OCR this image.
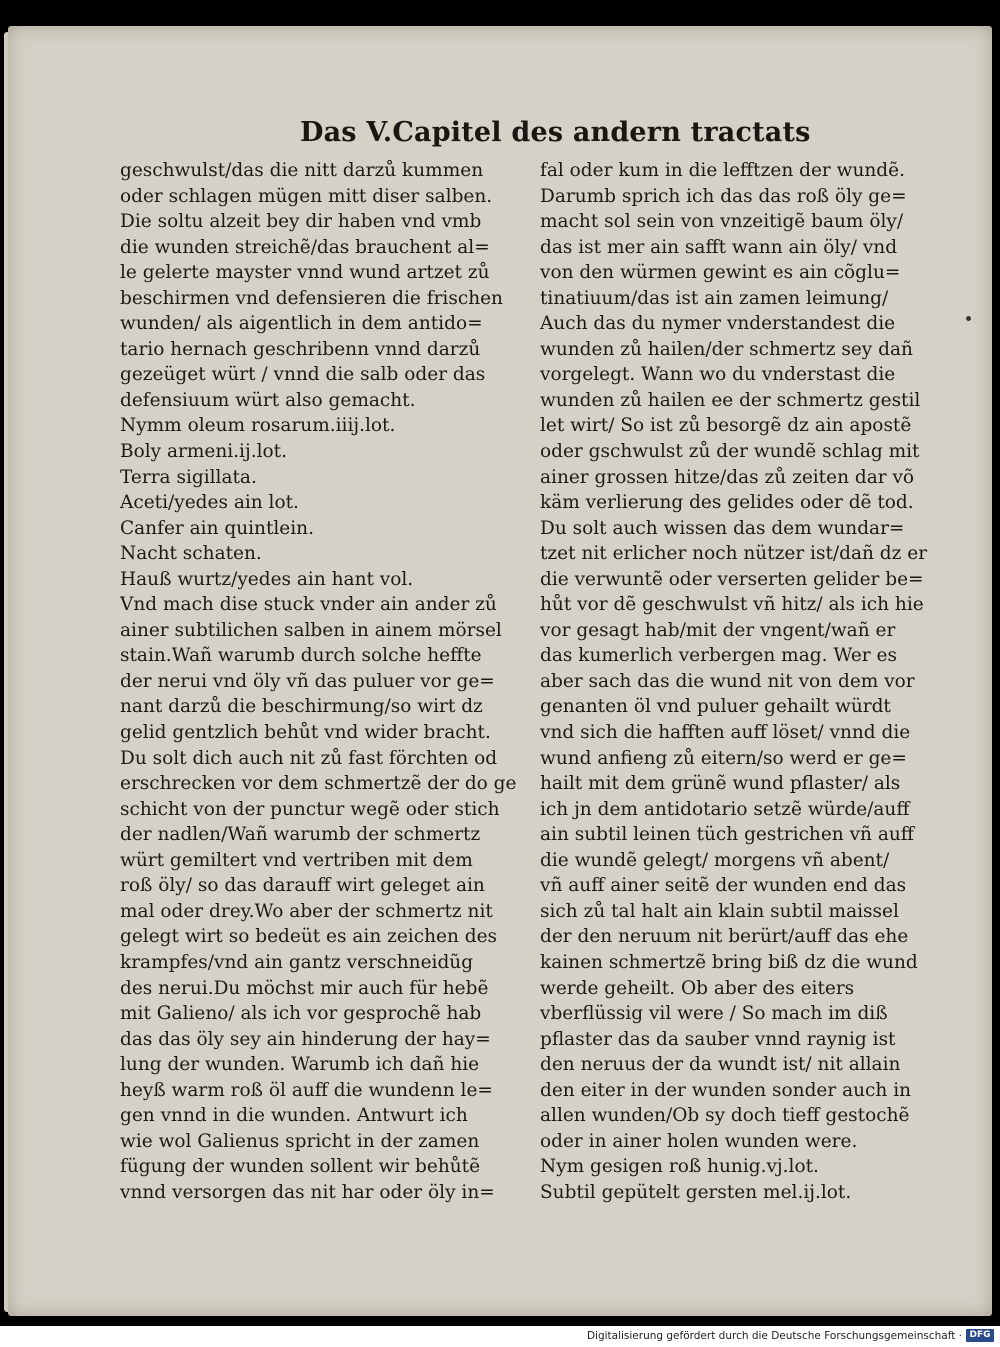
Das V.Capitel des andern tractats
geschwulst/das die nitt darzů kummen
oder schlagen mügen mitt diser salben.
Die soltu alzeit bey dir haben vnd vmb
die wunden streichẽ/das brauchent al=
le gelerte mayster vnnd wund artzet zů
beschirmen vnd defensieren die frischen
wunden/ als aigentlich in dem antido=
tario hernach geschribenn vnnd darzů
gezeüget würt / vnnd die salb oder das
defensiuum würt also gemacht.
Nymm oleum rosarum.iiij.lot.
Boly armeni.ij.lot.
Terra sigillata.
Aceti/yedes ain lot.
Canfer ain quintlein.
Nacht schaten.
Hauß wurtz/yedes ain hant vol.
Vnd mach dise stuck vnder ain ander zů
ainer subtilichen salben in ainem mörsel
stain.Wañ warumb durch solche heffte
der nerui vnd öly vñ das puluer vor ge=
nant darzů die beschirmung/so wirt dz
gelid gentzlich behůt vnd wider bracht.
Du solt dich auch nit zů fast förchten od
erschrecken vor dem schmertzẽ der do ge
schicht von der punctur wegẽ oder stich
der nadlen/Wañ warumb der schmertz
würt gemiltert vnd vertriben mit dem
roß öly/ so das darauff wirt geleget ain
mal oder drey.Wo aber der schmertz nit
gelegt wirt so bedeüt es ain zeichen des
krampfes/vnd ain gantz verschneidũg
des nerui.Du möchst mir auch für hebẽ
mit Galieno/ als ich vor gesprochẽ hab
das das öly sey ain hinderung der hay=
lung der wunden. Warumb ich dañ hie
heyß warm roß öl auff die wundenn le=
gen vnnd in die wunden. Antwurt ich
wie wol Galienus spricht in der zamen
fügung der wunden sollent wir behůtẽ
vnnd versorgen das nit har oder öly in=
fal oder kum in die lefftzen der wundẽ.
Darumb sprich ich das das roß öly ge=
macht sol sein von vnzeitigẽ baum öly/
das ist mer ain safft wann ain öly/ vnd
von den würmen gewint es ain cõglu=
tinatiuum/das ist ain zamen leimung/
Auch das du nymer vnderstandest die
wunden zů hailen/der schmertz sey dañ
vorgelegt. Wann wo du vnderstast die
wunden zů hailen ee der schmertz gestil
let wirt/ So ist zů besorgẽ dz ain apostẽ
oder gschwulst zů der wundẽ schlag mit
ainer grossen hitze/das zů zeiten dar võ
käm verlierung des gelides oder dẽ tod.
Du solt auch wissen das dem wundar=
tzet nit erlicher noch nützer ist/dañ dz er
die verwuntẽ oder verserten gelider be=
hůt vor dẽ geschwulst vñ hitz/ als ich hie
vor gesagt hab/mit der vngent/wañ er
das kumerlich verbergen mag. Wer es
aber sach das die wund nit von dem vor
genanten öl vnd puluer gehailt würdt
vnd sich die hafften auff löset/ vnnd die
wund anfieng zů eitern/so werd er ge=
hailt mit dem grünẽ wund pflaster/ als
ich jn dem antidotario setzẽ würde/auff
ain subtil leinen tüch gestrichen vñ auff
die wundẽ gelegt/ morgens vñ abent/
vñ auff ainer seitẽ der wunden end das
sich zů tal halt ain klain subtil maissel
der den neruum nit berürt/auff das ehe
kainen schmertzẽ bring biß dz die wund
werde geheilt. Ob aber des eiters
vberflüssig vil were / So mach im diß
pflaster das da sauber vnnd raynig ist
den neruus der da wundt ist/ nit allain
den eiter in der wunden sonder auch in
allen wunden/Ob sy doch tieff gestochẽ
oder in ainer holen wunden were.
Nym gesigen roß hunig.vj.lot.
Subtil gepütelt gersten mel.ij.lot.
Digitalisierung gefördert durch die Deutsche Forschungsgemeinschaft · DFG
